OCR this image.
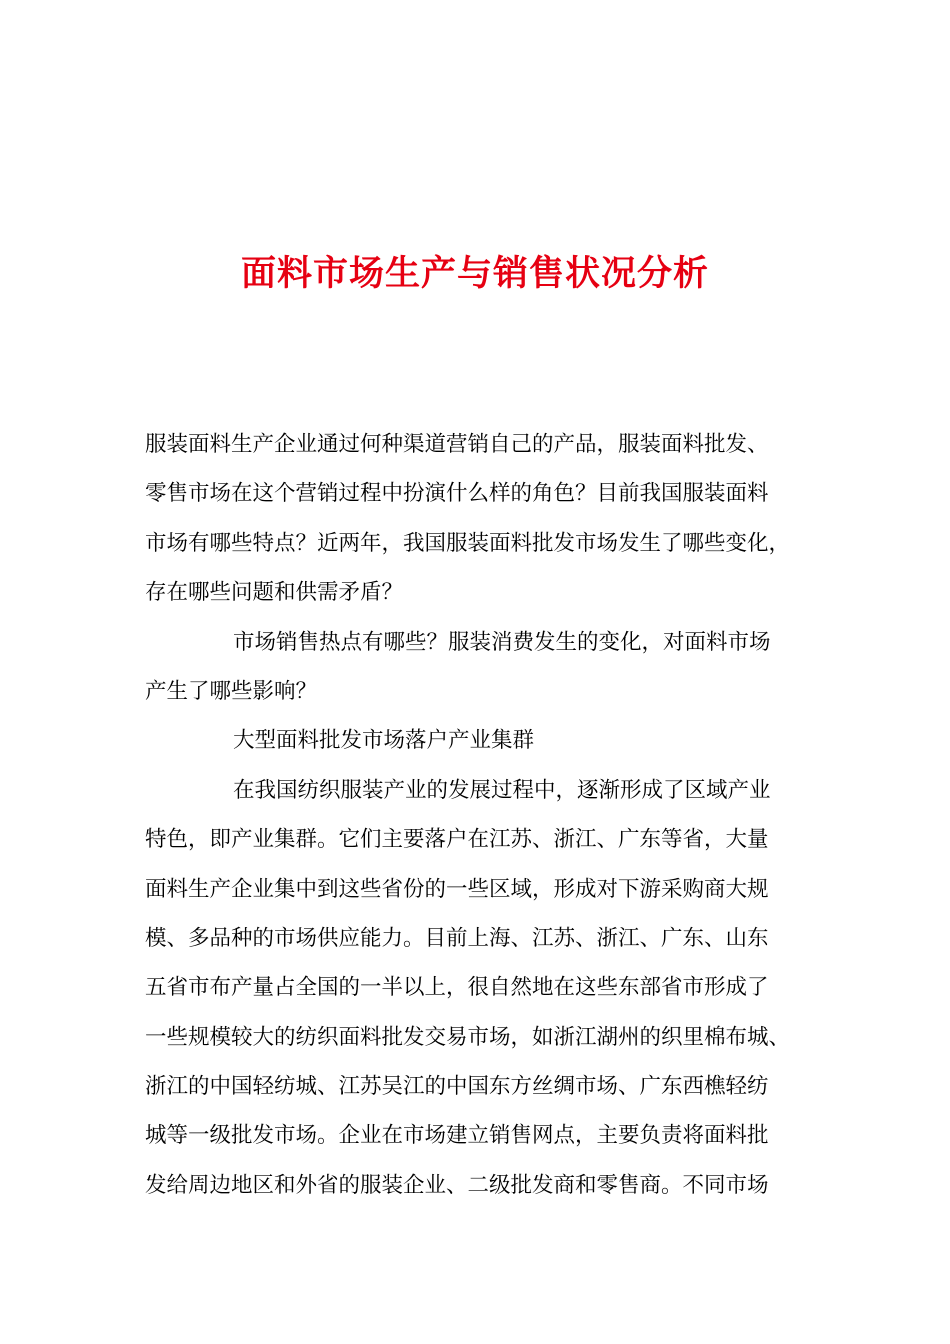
面料市场生产与销售状况分析

服装面料生产企业通过何种渠道营销自己的产品，服装面料批发、

零售市场在这个营销过程中扮演什么样的角色？目前我国服装面料

市场有哪些特点？近两年，我国服装面料批发市场发生了哪些变化，

存在哪些问题和供需矛盾？

市场销售热点有哪些？服装消费发生的变化，对面料市场

产生了哪些影响？

大型面料批发市场落户产业集群

在我国纺织服装产业的发展过程中，逐渐形成了区域产业

特色，即产业集群。它们主要落户在江苏、浙江、广东等省，大量

面料生产企业集中到这些省份的一些区域，形成对下游采购商大规

模、多品种的市场供应能力。目前上海、江苏、浙江、广东、山东

五省市布产量占全国的一半以上，很自然地在这些东部省市形成了

一些规模较大的纺织面料批发交易市场，如浙江湖州的织里棉布城、

浙江的中国轻纺城、江苏吴江的中国东方丝绸市场、广东西樵轻纺

城等一级批发市场。企业在市场建立销售网点，主要负责将面料批

发给周边地区和外省的服装企业、二级批发商和零售商。不同市场
